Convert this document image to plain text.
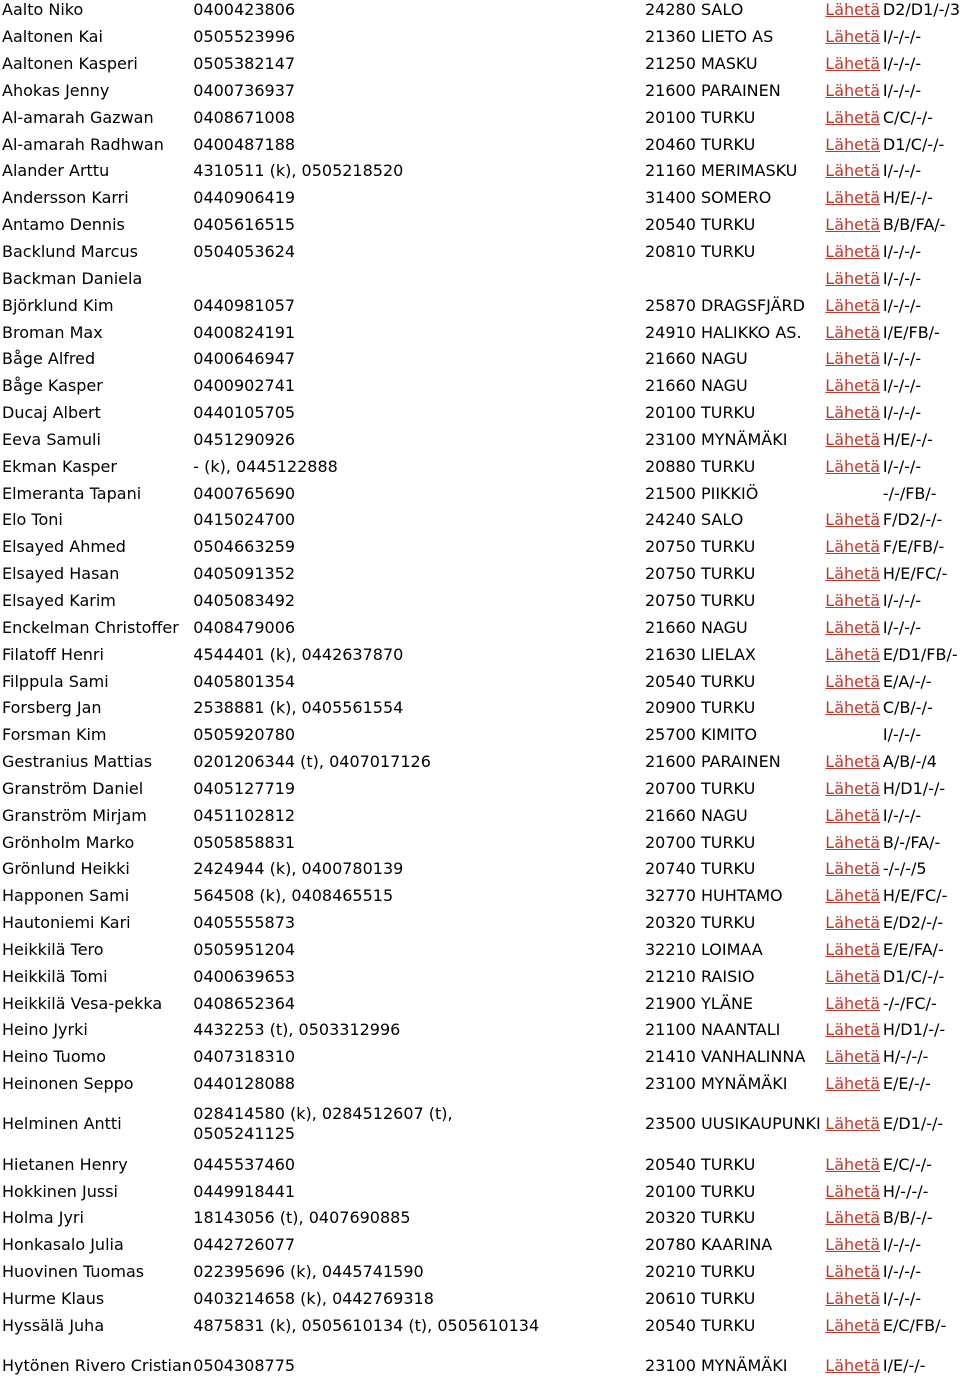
Aalto Niko	0400423806	24280 SALO	Lähetä	D2/D1/-/3
Aaltonen Kai	0505523996	21360 LIETO AS	Lähetä	I/-/-/-
Aaltonen Kasperi	0505382147	21250 MASKU	Lähetä	I/-/-/-
Ahokas Jenny	0400736937	21600 PARAINEN	Lähetä	I/-/-/-
Al-amarah Gazwan	0408671008	20100 TURKU	Lähetä	C/C/-/-
Al-amarah Radhwan	0400487188	20460 TURKU	Lähetä	D1/C/-/-
Alander Arttu	4310511 (k), 0505218520	21160 MERIMASKU	Lähetä	I/-/-/-
Andersson Karri	0440906419	31400 SOMERO	Lähetä	H/E/-/-
Antamo Dennis	0405616515	20540 TURKU	Lähetä	B/B/FA/-
Backlund Marcus	0504053624	20810 TURKU	Lähetä	I/-/-/-
Backman Daniela			Lähetä	I/-/-/-
Björklund Kim	0440981057	25870 DRAGSFJÄRD	Lähetä	I/-/-/-
Broman Max	0400824191	24910 HALIKKO AS.	Lähetä	I/E/FB/-
Båge Alfred	0400646947	21660 NAGU	Lähetä	I/-/-/-
Båge Kasper	0400902741	21660 NAGU	Lähetä	I/-/-/-
Ducaj Albert	0440105705	20100 TURKU	Lähetä	I/-/-/-
Eeva Samuli	0451290926	23100 MYNÄMÄKI	Lähetä	H/E/-/-
Ekman Kasper	- (k), 0445122888	20880 TURKU	Lähetä	I/-/-/-
Elmeranta Tapani	0400765690	21500 PIIKKIÖ		-/-/FB/-
Elo Toni	0415024700	24240 SALO	Lähetä	F/D2/-/-
Elsayed Ahmed	0504663259	20750 TURKU	Lähetä	F/E/FB/-
Elsayed Hasan	0405091352	20750 TURKU	Lähetä	H/E/FC/-
Elsayed Karim	0405083492	20750 TURKU	Lähetä	I/-/-/-
Enckelman Christoffer	0408479006	21660 NAGU	Lähetä	I/-/-/-
Filatoff Henri	4544401 (k), 0442637870	21630 LIELAX	Lähetä	E/D1/FB/-
Filppula Sami	0405801354	20540 TURKU	Lähetä	E/A/-/-
Forsberg Jan	2538881 (k), 0405561554	20900 TURKU	Lähetä	C/B/-/-
Forsman Kim	0505920780	25700 KIMITO		I/-/-/-
Gestranius Mattias	0201206344 (t), 0407017126	21600 PARAINEN	Lähetä	A/B/-/4
Granström Daniel	0405127719	20700 TURKU	Lähetä	H/D1/-/-
Granström Mirjam	0451102812	21660 NAGU	Lähetä	I/-/-/-
Grönholm Marko	0505858831	20700 TURKU	Lähetä	B/-/FA/-
Grönlund Heikki	2424944 (k), 0400780139	20740 TURKU	Lähetä	-/-/-/5
Happonen Sami	564508 (k), 0408465515	32770 HUHTAMO	Lähetä	H/E/FC/-
Hautoniemi Kari	0405555873	20320 TURKU	Lähetä	E/D2/-/-
Heikkilä Tero	0505951204	32210 LOIMAA	Lähetä	E/E/FA/-
Heikkilä Tomi	0400639653	21210 RAISIO	Lähetä	D1/C/-/-
Heikkilä Vesa-pekka	0408652364	21900 YLÄNE	Lähetä	-/-/FC/-
Heino Jyrki	4432253 (t), 0503312996	21100 NAANTALI	Lähetä	H/D1/-/-
Heino Tuomo	0407318310	21410 VANHALINNA	Lähetä	H/-/-/-
Heinonen Seppo	0440128088	23100 MYNÄMÄKI	Lähetä	E/E/-/-
Helminen Antti	028414580 (k), 0284512607 (t), 0505241125	23500 UUSIKAUPUNKI	Lähetä	E/D1/-/-
Hietanen Henry	0445537460	20540 TURKU	Lähetä	E/C/-/-
Hokkinen Jussi	0449918441	20100 TURKU	Lähetä	H/-/-/-
Holma Jyri	18143056 (t), 0407690885	20320 TURKU	Lähetä	B/B/-/-
Honkasalo Julia	0442726077	20780 KAARINA	Lähetä	I/-/-/-
Huovinen Tuomas	022395696 (k), 0445741590	20210 TURKU	Lähetä	I/-/-/-
Hurme Klaus	0403214658 (k), 0442769318	20610 TURKU	Lähetä	I/-/-/-
Hyssälä Juha	4875831 (k), 0505610134 (t), 0505610134	20540 TURKU	Lähetä	E/C/FB/-
Hytönen Rivero Cristian	0504308775	23100 MYNÄMÄKI	Lähetä	I/E/-/-
